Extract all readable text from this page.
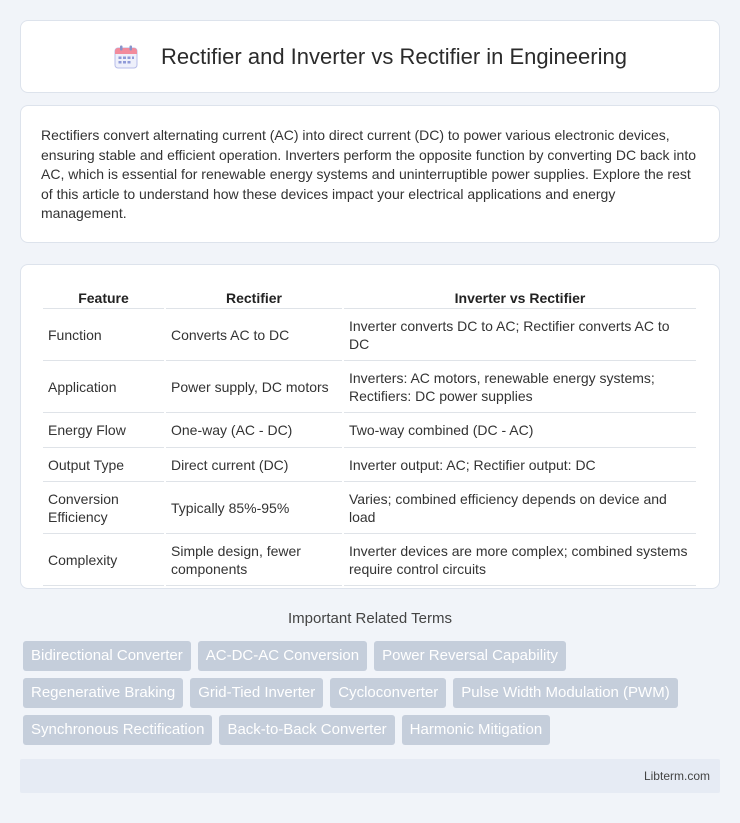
Rectifier and Inverter vs Rectifier in Engineering

Rectifiers convert alternating current (AC) into direct current (DC) to power various electronic devices, ensuring stable and efficient operation. Inverters perform the opposite function by converting DC back into AC, which is essential for renewable energy systems and uninterruptible power supplies. Explore the rest of this article to understand how these devices impact your electrical applications and energy management.

Feature	Rectifier	Inverter vs Rectifier
Function	Converts AC to DC	Inverter converts DC to AC; Rectifier converts AC to DC
Application	Power supply, DC motors	Inverters: AC motors, renewable energy systems; Rectifiers: DC power supplies
Energy Flow	One-way (AC - DC)	Two-way combined (DC - AC)
Output Type	Direct current (DC)	Inverter output: AC; Rectifier output: DC
Conversion Efficiency	Typically 85%-95%	Varies; combined efficiency depends on device and load
Complexity	Simple design, fewer components	Inverter devices are more complex; combined systems require control circuits
Important Related Terms
Bidirectional Converter	AC-DC-AC Conversion	Power Reversal Capability
Regenerative Braking	Grid-Tied Inverter	Cycloconverter	Pulse Width Modulation (PWM)
Synchronous Rectification	Back-to-Back Converter	Harmonic Mitigation
Libterm.com
